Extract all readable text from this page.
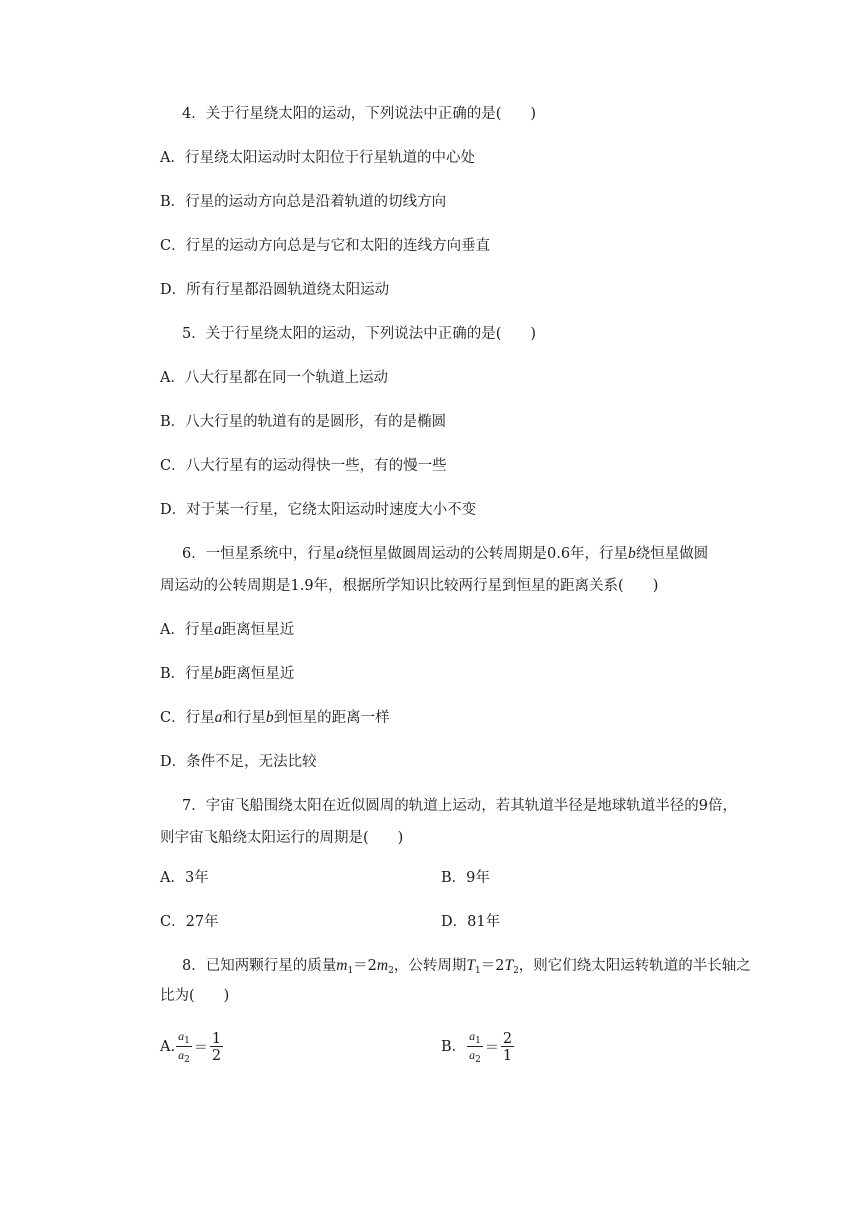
4．关于行星绕太阳的运动，下列说法中正确的是(　　)

A．行星绕太阳运动时太阳位于行星轨道的中心处

B．行星的运动方向总是沿着轨道的切线方向

C．行星的运动方向总是与它和太阳的连线方向垂直

D．所有行星都沿圆轨道绕太阳运动

5．关于行星绕太阳的运动，下列说法中正确的是(　　)

A．八大行星都在同一个轨道上运动

B．八大行星的轨道有的是圆形，有的是椭圆

C．八大行星有的运动得快一些，有的慢一些

D．对于某一行星，它绕太阳运动时速度大小不变

6．一恒星系统中，行星a绕恒星做圆周运动的公转周期是0.6年，行星b绕恒星做圆

周运动的公转周期是1.9年，根据所学知识比较两行星到恒星的距离关系(　　)

A．行星a距离恒星近

B．行星b距离恒星近

C．行星a和行星b到恒星的距离一样

D．条件不足，无法比较

7．宇宙飞船围绕太阳在近似圆周的轨道上运动，若其轨道半径是地球轨道半径的9倍，

则宇宙飞船绕太阳运行的周期是(　　)

A．3年	B．9年

C．27年	D．81年

8．已知两颗行星的质量$m_1=2m_2$，公转周期$T_1=2T_2$，则它们绕太阳运转轨道的半长轴之

比为(　　)

A. $\frac{a_1}{a_2} = \frac{1}{2}$	B． $\frac{a_1}{a_2} = \frac{2}{1}$
